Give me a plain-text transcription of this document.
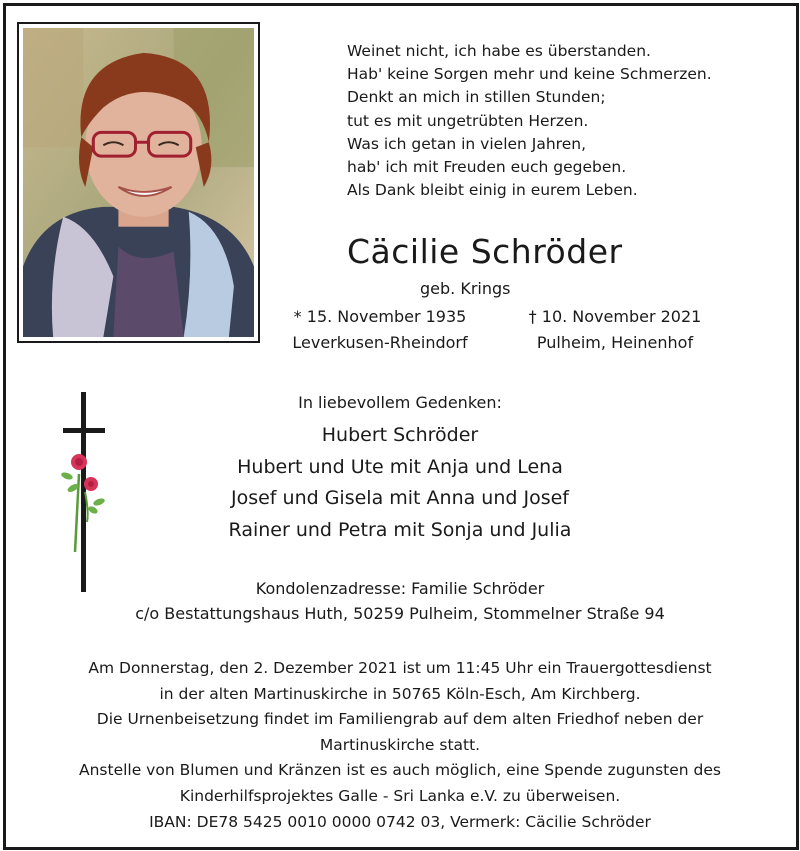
Weinet nicht, ich habe es überstanden.
Hab' keine Sorgen mehr und keine Schmerzen.
Denkt an mich in stillen Stunden;
tut es mit ungetrübten Herzen.
Was ich getan in vielen Jahren,
hab' ich mit Freuden euch gegeben.
Als Dank bleibt einig in eurem Leben.
Cäcilie Schröder
geb. Krings
* 15. November 1935
Leverkusen-Rheindorf
† 10. November 2021
Pulheim, Heinenhof
In liebevollem Gedenken:
Hubert Schröder
Hubert und Ute mit Anja und Lena
Josef und Gisela mit Anna und Josef
Rainer und Petra mit Sonja und Julia
Kondolenzadresse: Familie Schröder
c/o Bestattungshaus Huth, 50259 Pulheim, Stommelner Straße 94
Am Donnerstag, den 2. Dezember 2021 ist um 11:45 Uhr ein Trauergottesdienst
in der alten Martinuskirche in 50765 Köln-Esch, Am Kirchberg.
Die Urnenbeisetzung findet im Familiengrab auf dem alten Friedhof neben der
Martinuskirche statt.
Anstelle von Blumen und Kränzen ist es auch möglich, eine Spende zugunsten des
Kinderhilfsprojektes Galle - Sri Lanka e.V. zu überweisen.
IBAN: DE78 5425 0010 0000 0742 03, Vermerk: Cäcilie Schröder
